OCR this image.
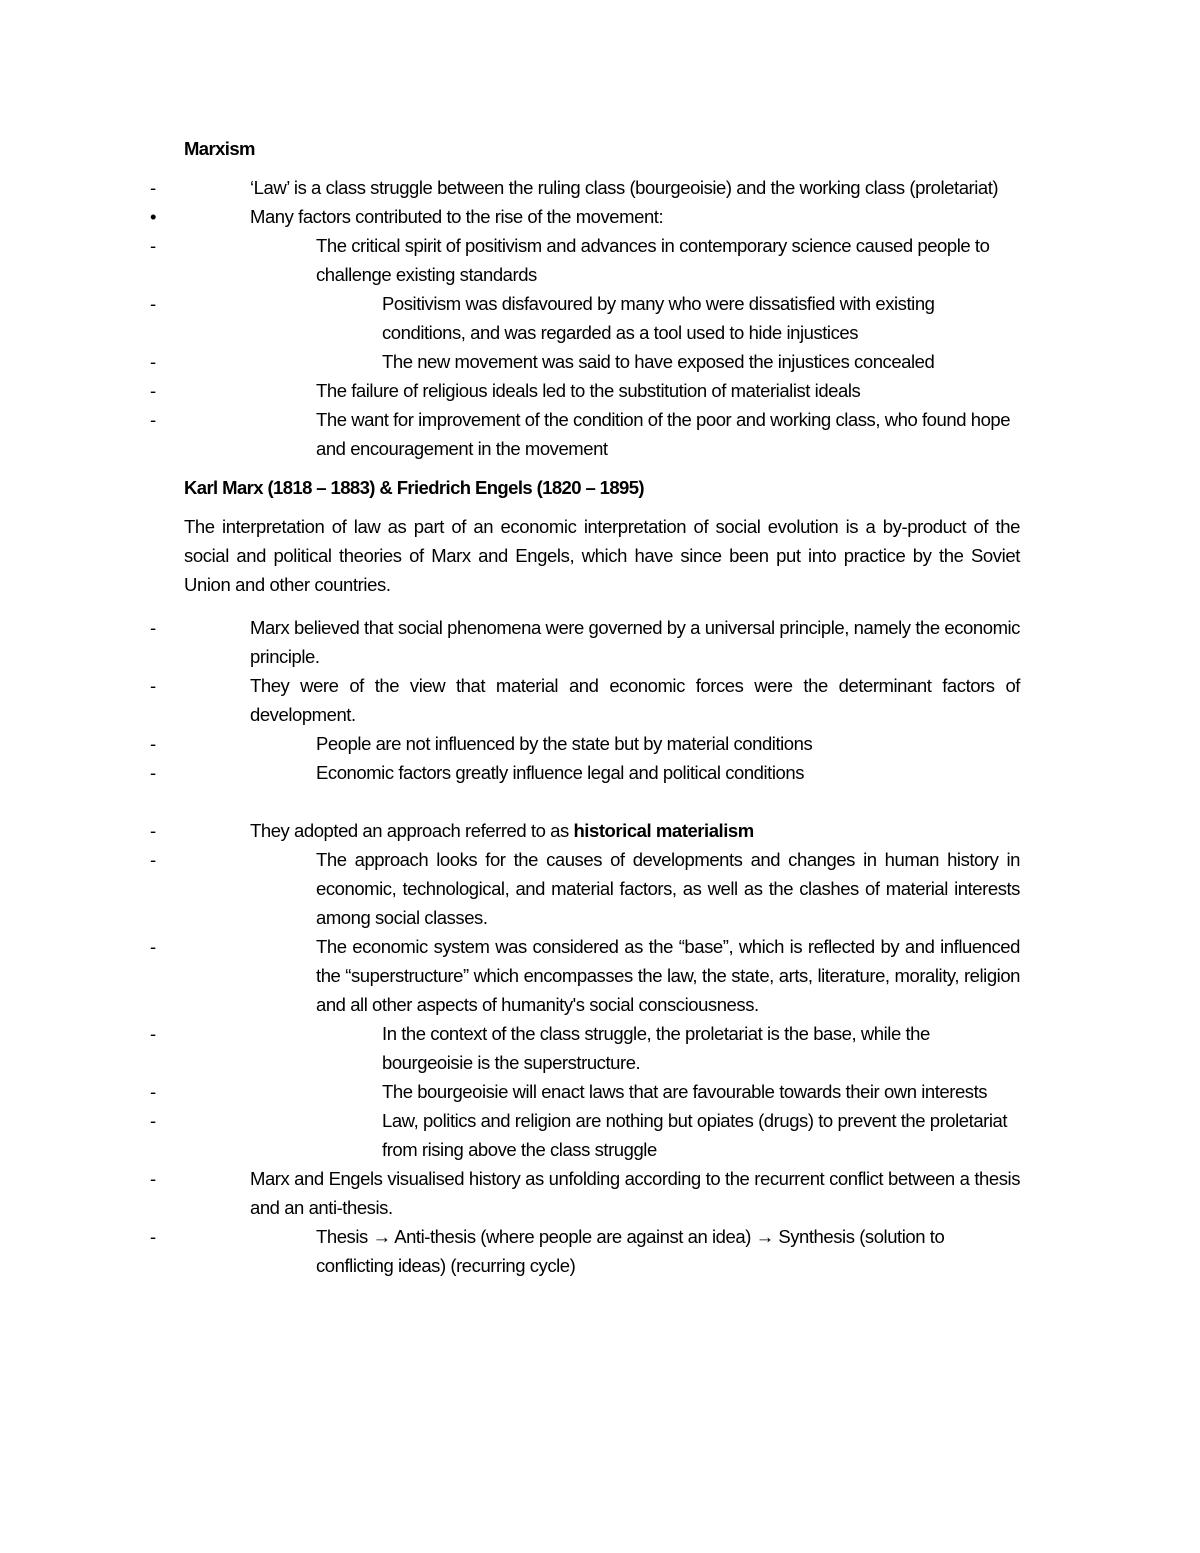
Marxism
-	‘Law’ is a class struggle between the ruling class (bourgeoisie) and the working class (proletariat)
•	Many factors contributed to the rise of the movement:
-	The critical spirit of positivism and advances in contemporary science caused people to challenge existing standards
-	Positivism was disfavoured by many who were dissatisfied with existing conditions, and was regarded as a tool used to hide injustices
-	The new movement was said to have exposed the injustices concealed
-	The failure of religious ideals led to the substitution of materialist ideals
-	The want for improvement of the condition of the poor and working class, who found hope and encouragement in the movement
Karl Marx (1818 – 1883) & Friedrich Engels (1820 – 1895)

The interpretation of law as part of an economic interpretation of social evolution is a by-product of the social and political theories of Marx and Engels, which have since been put into practice by the Soviet Union and other countries.

-	Marx believed that social phenomena were governed by a universal principle, namely the economic principle.
-	They were of the view that material and economic forces were the determinant factors of development.
-	People are not influenced by the state but by material conditions
-	Economic factors greatly influence legal and political conditions
-	They adopted an approach referred to as historical materialism
-	The approach looks for the causes of developments and changes in human history in economic, technological, and material factors, as well as the clashes of material interests among social classes.
-	The economic system was considered as the “base”, which is reflected by and influenced the “superstructure” which encompasses the law, the state, arts, literature, morality, religion and all other aspects of humanity's social consciousness.
-	In the context of the class struggle, the proletariat is the base, while the bourgeoisie is the superstructure.
-	The bourgeoisie will enact laws that are favourable towards their own interests
-	Law, politics and religion are nothing but opiates (drugs) to prevent the proletariat from rising above the class struggle
-	Marx and Engels visualised history as unfolding according to the recurrent conflict between a thesis and an anti-thesis.
-	Thesis → Anti-thesis (where people are against an idea) → Synthesis (solution to conflicting ideas) (recurring cycle)
